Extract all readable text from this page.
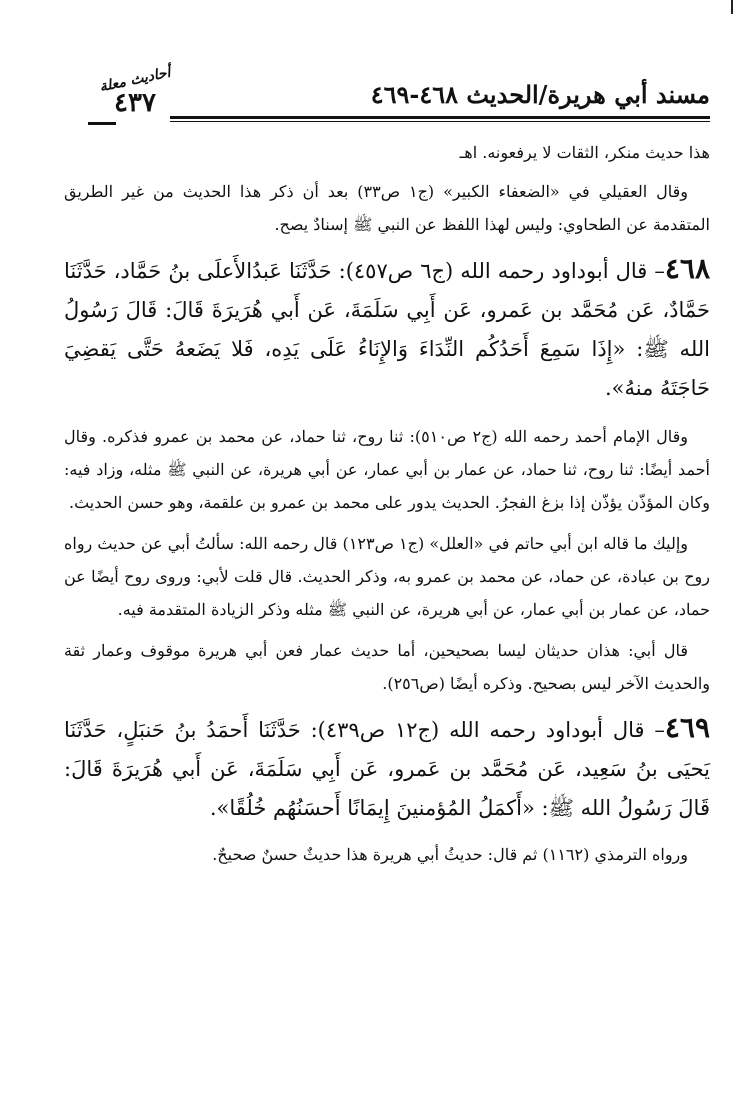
مسند أبي هريرة/الحديث ٤٦٨-٤٦٩
أحاديث معلة
٤٣٧

هذا حديث منكر، الثقات لا يرفعونه. اهـ

وقال العقيلي في «الضعفاء الكبير» (ج١ ص٣٣) بعد أن ذكر هذا الحديث من غير الطريق المتقدمة عن الطحاوي: وليس لهذا اللفظ عن النبي ﷺ إسنادٌ يصح.

٤٦٨– قال أبوداود رحمه الله (ج٦ ص٤٥٧): حَدَّثَنَا عَبدُالأَعلَى بنُ حَمَّاد، حَدَّثَنَا حَمَّادٌ، عَن مُحَمَّد بن عَمرو، عَن أَبِي سَلَمَةَ، عَن أَبي هُرَيرَةَ قَالَ: قَالَ رَسُولُ الله ﷺ: «إِذَا سَمِعَ أَحَدُكُم النِّدَاءَ وَالإِنَاءُ عَلَى يَدِه، فَلا يَضَعهُ حَتَّى يَقضِيَ حَاجَتَهُ منهُ».

وقال الإمام أحمد رحمه الله (ج٢ ص٥١٠): ثنا روح، ثنا حماد، عن محمد بن عمرو فذكره. وقال أحمد أيضًا: ثنا روح، ثنا حماد، عن عمار بن أبي عمار، عن أبي هريرة، عن النبي ﷺ مثله، وزاد فيه: وكان المؤذّن يؤذّن إذا بزغ الفجرُ. الحديث يدور على محمد بن عمرو بن علقمة، وهو حسن الحديث.

وإليك ما قاله ابن أبي حاتم في «العلل» (ج١ ص١٢٣) قال رحمه الله: سألتُ أبي عن حديث رواه روح بن عبادة، عن حماد، عن محمد بن عمرو به، وذكر الحديث. قال قلت لأبي: وروى روح أيضًا عن حماد، عن عمار بن أبي عمار، عن أبي هريرة، عن النبي ﷺ مثله وذكر الزيادة المتقدمة فيه.

قال أبي: هذان حديثان ليسا بصحيحين، أما حديث عمار فعن أبي هريرة موقوف وعمار ثقة والحديث الآخر ليس بصحيح. وذكره أيضًا (ص٢٥٦).

٤٦٩– قال أبوداود رحمه الله (ج١٢ ص٤٣٩): حَدَّثَنَا أَحمَدُ بنُ حَنبَلٍ، حَدَّثَنَا يَحيَى بنُ سَعِيد، عَن مُحَمَّد بن عَمرو، عَن أَبِي سَلَمَةَ، عَن أَبي هُرَيرَةَ قَالَ: قَالَ رَسُولُ الله ﷺ: «أَكمَلُ المُؤمنينَ إِيمَانًا أَحسَنُهُم خُلُقًا».

ورواه الترمذي (١١٦٢) ثم قال: حديثُ أبي هريرة هذا حديثٌ حسنٌ صحيحٌ.
